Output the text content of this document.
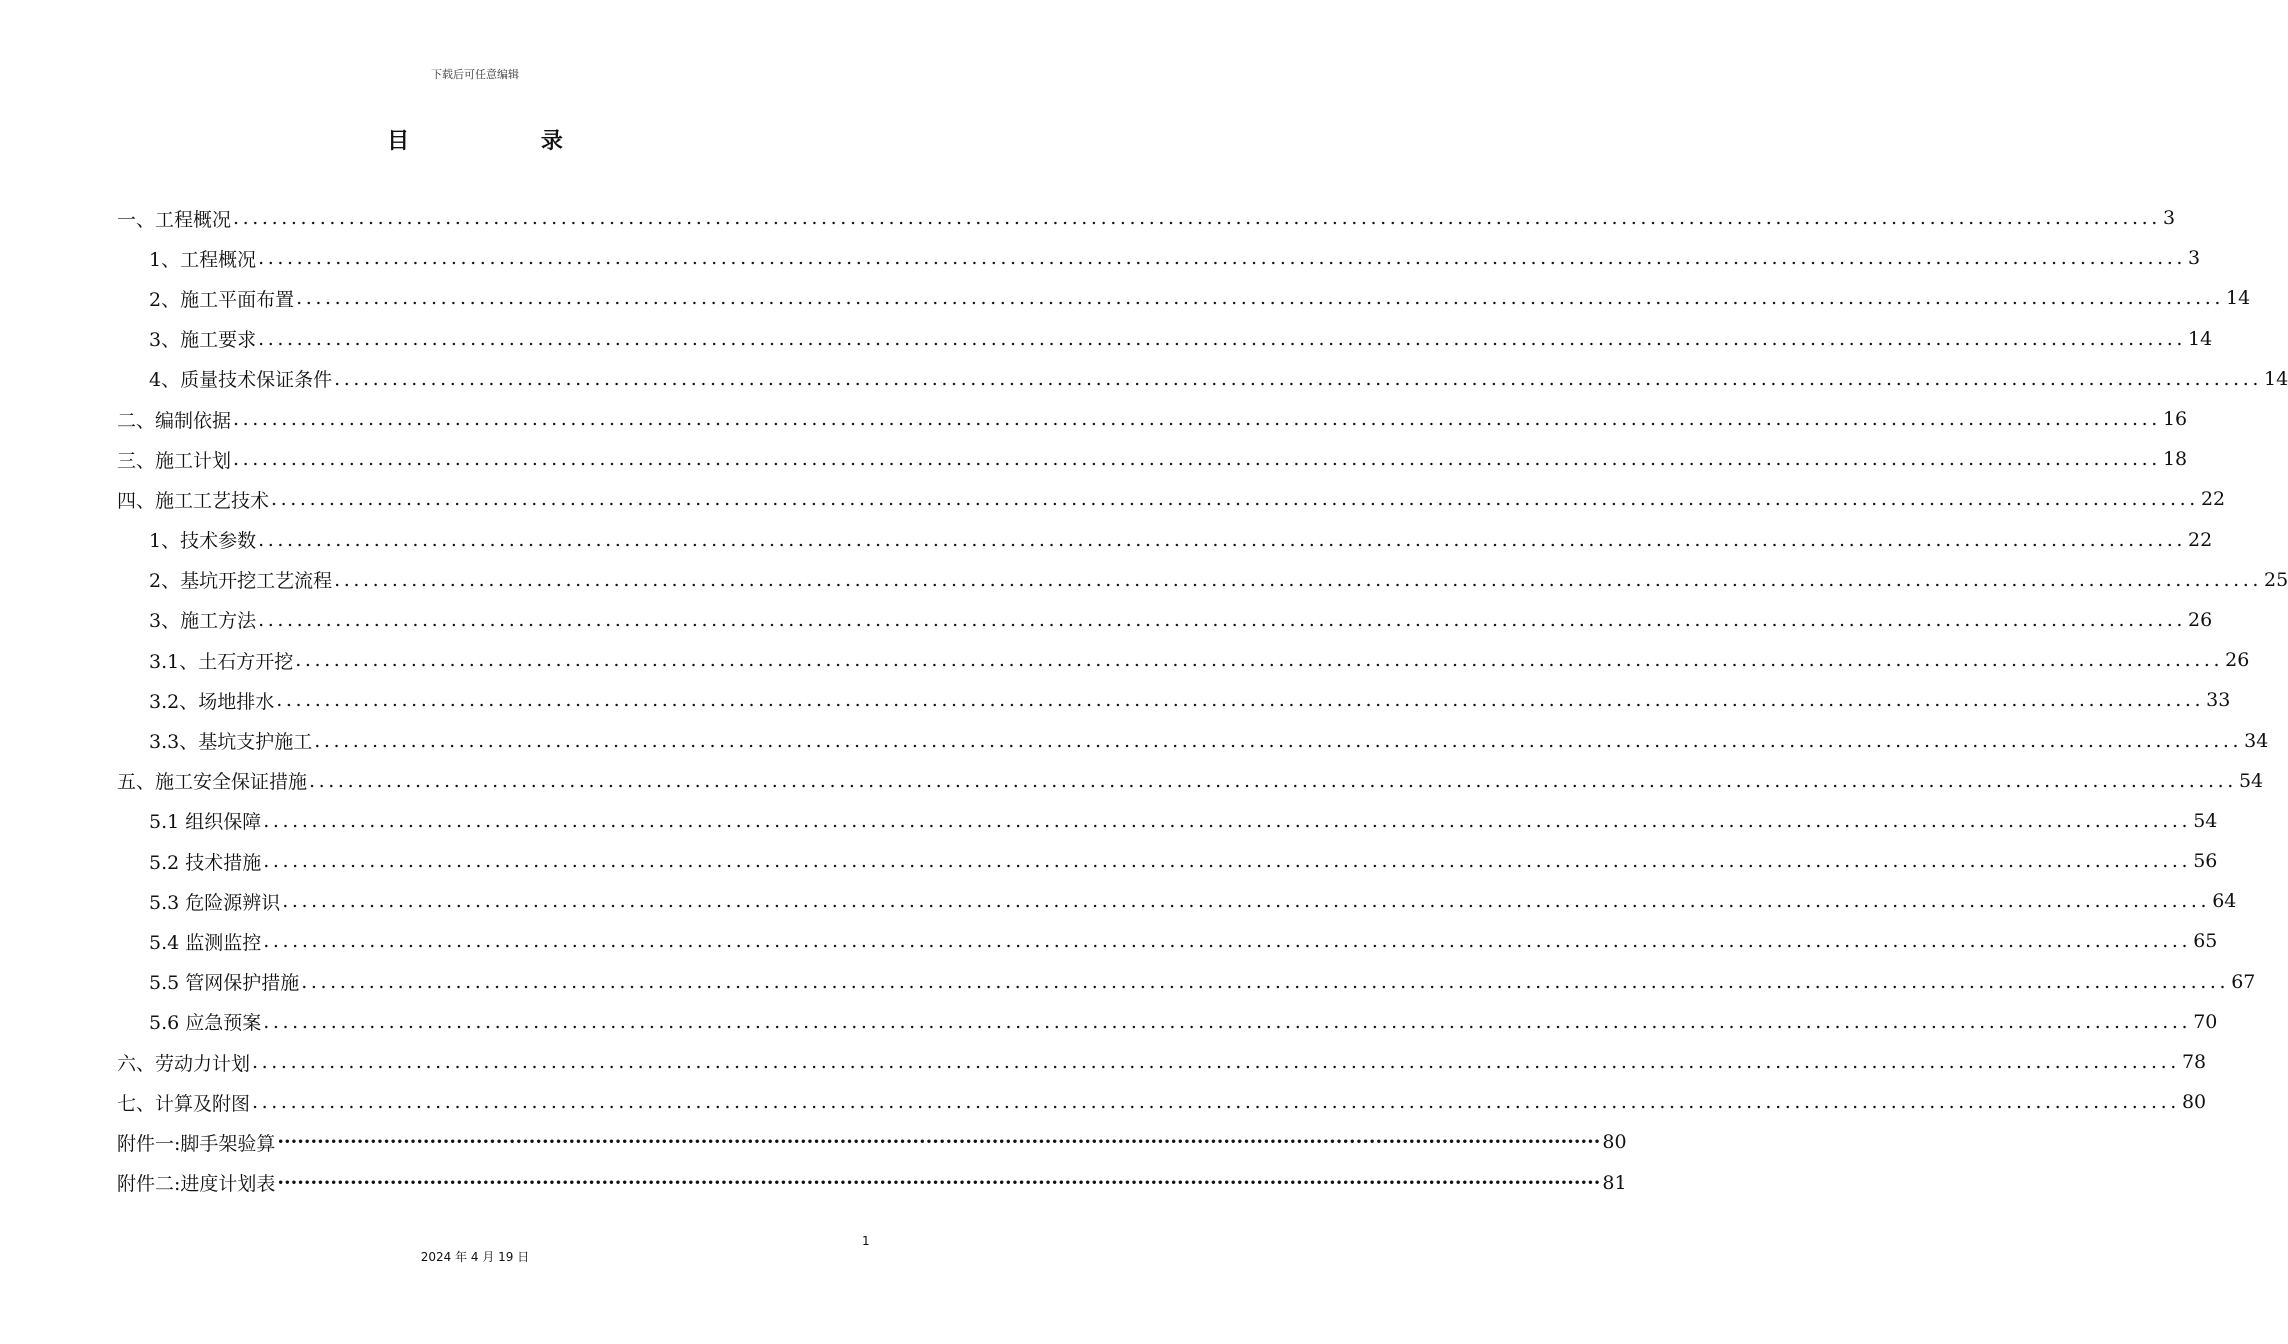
下载后可任意编辑
目 录
一、工程概况 ........................................................................................................................................................................................................ 3
1、工程概况 ........................................................................................................................................................................................................ 3
2、施工平面布置 ........................................................................................................................................................................................................ 14
3、施工要求 ........................................................................................................................................................................................................ 14
4、质量技术保证条件 ........................................................................................................................................................................................................ 14
二、编制依据 ........................................................................................................................................................................................................ 16
三、施工计划 ........................................................................................................................................................................................................ 18
四、施工工艺技术 ........................................................................................................................................................................................................ 22
1、技术参数 ........................................................................................................................................................................................................ 22
2、基坑开挖工艺流程 ........................................................................................................................................................................................................ 25
3、施工方法 ........................................................................................................................................................................................................ 26
3.1、土石方开挖 ........................................................................................................................................................................................................ 26
3.2、场地排水 ........................................................................................................................................................................................................ 33
3.3、基坑支护施工 ........................................................................................................................................................................................................ 34
五、施工安全保证措施 ........................................................................................................................................................................................................ 54
5.1 组织保障 ........................................................................................................................................................................................................ 54
5.2 技术措施 ........................................................................................................................................................................................................ 56
5.3 危险源辨识 ........................................................................................................................................................................................................ 64
5.4 监测监控 ........................................................................................................................................................................................................ 65
5.5 管网保护措施 ........................................................................................................................................................................................................ 67
5.6 应急预案 ........................................................................................................................................................................................................ 70
六、劳动力计划 ........................................................................................................................................................................................................ 78
七、计算及附图 ........................................................................................................................................................................................................ 80
附件一:脚手架验算 ········································································································································································································ 80
附件二:进度计划表 ········································································································································································································ 81
1
2024 年 4 月 19 日
